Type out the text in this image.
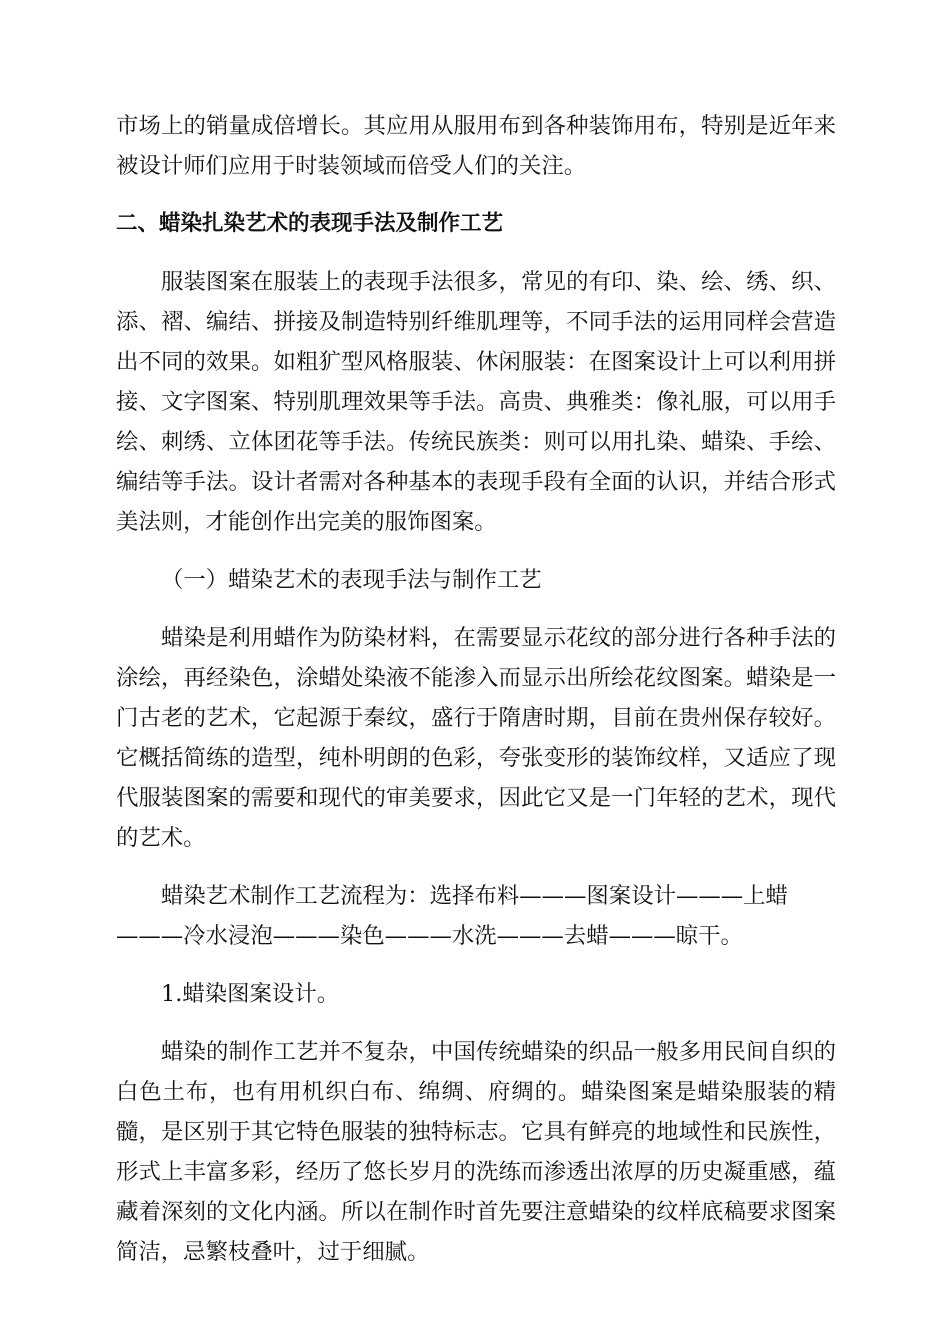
市场上的销量成倍增长。其应用从服用布到各种装饰用布，特别是近年来被设计师们应用于时装领域而倍受人们的关注。

二、蜡染扎染艺术的表现手法及制作工艺

服装图案在服装上的表现手法很多，常见的有印、染、绘、绣、织、添、褶、编结、拼接及制造特别纤维肌理等，不同手法的运用同样会营造出不同的效果。如粗犷型风格服装、休闲服装：在图案设计上可以利用拼接、文字图案、特别肌理效果等手法。高贵、典雅类：像礼服，可以用手绘、刺绣、立体团花等手法。传统民族类：则可以用扎染、蜡染、手绘、编结等手法。设计者需对各种基本的表现手段有全面的认识，并结合形式美法则，才能创作出完美的服饰图案。

（一）蜡染艺术的表现手法与制作工艺

蜡染是利用蜡作为防染材料，在需要显示花纹的部分进行各种手法的涂绘，再经染色，涂蜡处染液不能渗入而显示出所绘花纹图案。蜡染是一门古老的艺术，它起源于秦纹，盛行于隋唐时期，目前在贵州保存较好。它概括简练的造型，纯朴明朗的色彩，夸张变形的装饰纹样，又适应了现代服装图案的需要和现代的审美要求，因此它又是一门年轻的艺术，现代的艺术。

蜡染艺术制作工艺流程为：选择布料———图案设计———上蜡

———冷水浸泡———染色———水洗———去蜡———晾干。

1.蜡染图案设计。

蜡染的制作工艺并不复杂，中国传统蜡染的织品一般多用民间自织的白色土布，也有用机织白布、绵绸、府绸的。蜡染图案是蜡染服装的精髓，是区别于其它特色服装的独特标志。它具有鲜亮的地域性和民族性，形式上丰富多彩，经历了悠长岁月的洗练而渗透出浓厚的历史凝重感，蕴藏着深刻的文化内涵。所以在制作时首先要注意蜡染的纹样底稿要求图案简洁，忌繁枝叠叶，过于细腻。
